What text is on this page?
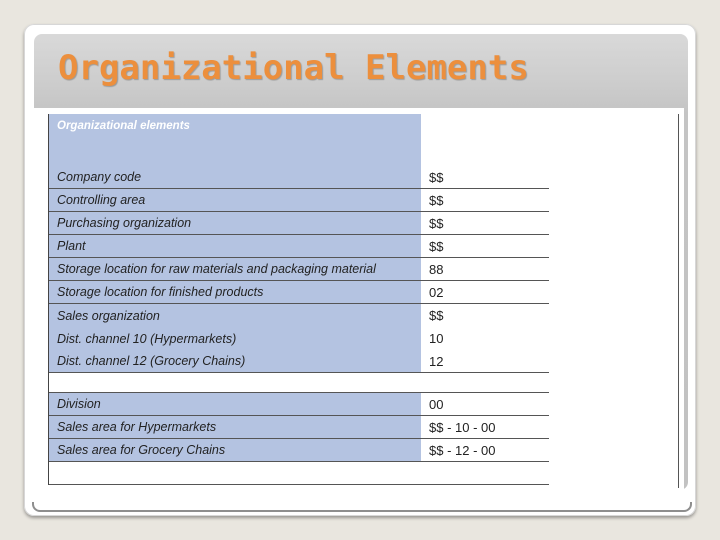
Organizational Elements
Organizational elements	Keys
(Introductory and
extended games)
Company code	$$
Controlling area	$$
Purchasing organization	$$
Plant	$$
Storage location for raw materials and packaging material	88
Storage location for finished products	02
Sales organization	$$
Dist. channel 10 (Hypermarkets)	10
Dist. channel 12 (Grocery Chains)	12
Division	00
Sales area for Hypermarkets	$$ - 10 - 00
Sales area for Grocery Chains	$$ - 12 - 00
